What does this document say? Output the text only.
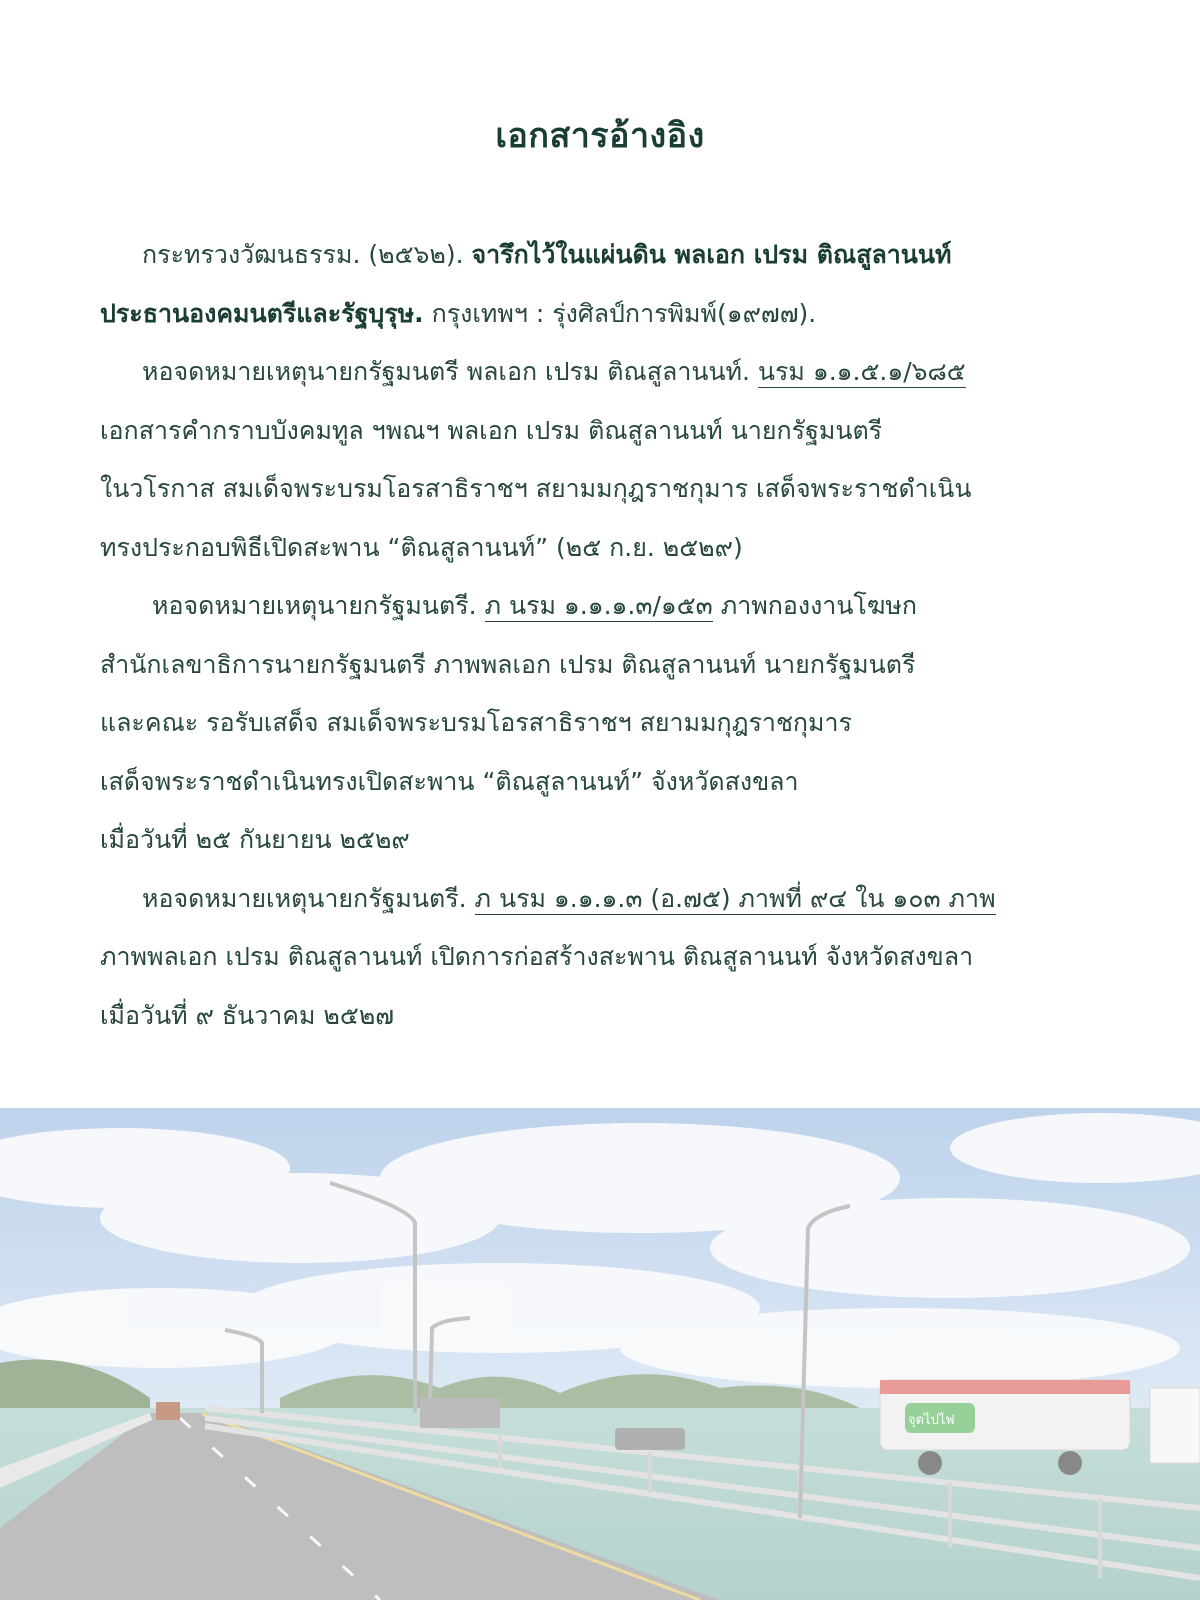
เอกสารอ้างอิง
กระทรวงวัฒนธรรม. (๒๕๖๒). จารึกไว้ในแผ่นดิน พลเอก เปรม ติณสูลานนท์
ประธานองคมนตรีและรัฐบุรุษ. กรุงเทพฯ : รุ่งศิลป์การพิมพ์(๑๙๗๗).
หอจดหมายเหตุนายกรัฐมนตรี พลเอก เปรม ติณสูลานนท์. นรม ๑.๑.๕.๑/๖๘๕
เอกสารคำกราบบังคมทูล ฯพณฯ พลเอก เปรม ติณสูลานนท์ นายกรัฐมนตรี
ในวโรกาส สมเด็จพระบรมโอรสาธิราชฯ สยามมกุฎราชกุมาร เสด็จพระราชดำเนิน
ทรงประกอบพิธีเปิดสะพาน “ติณสูลานนท์” (๒๕ ก.ย. ๒๕๒๙)
หอจดหมายเหตุนายกรัฐมนตรี. ภ นรม ๑.๑.๑.๓/๑๕๓ ภาพกองงานโฆษก
สำนักเลขาธิการนายกรัฐมนตรี ภาพพลเอก เปรม ติณสูลานนท์ นายกรัฐมนตรี
และคณะ รอรับเสด็จ สมเด็จพระบรมโอรสาธิราชฯ สยามมกุฎราชกุมาร
เสด็จพระราชดำเนินทรงเปิดสะพาน “ติณสูลานนท์” จังหวัดสงขลา
เมื่อวันที่ ๒๕ กันยายน ๒๕๒๙
หอจดหมายเหตุนายกรัฐมนตรี. ภ นรม ๑.๑.๑.๓ (อ.๗๕) ภาพที่ ๙๔ ใน ๑๐๓ ภาพ
ภาพพลเอก เปรม ติณสูลานนท์ เปิดการก่อสร้างสะพาน ติณสูลานนท์ จังหวัดสงขลา
เมื่อวันที่ ๙ ธันวาคม ๒๕๒๗
จุดไปไฟ
